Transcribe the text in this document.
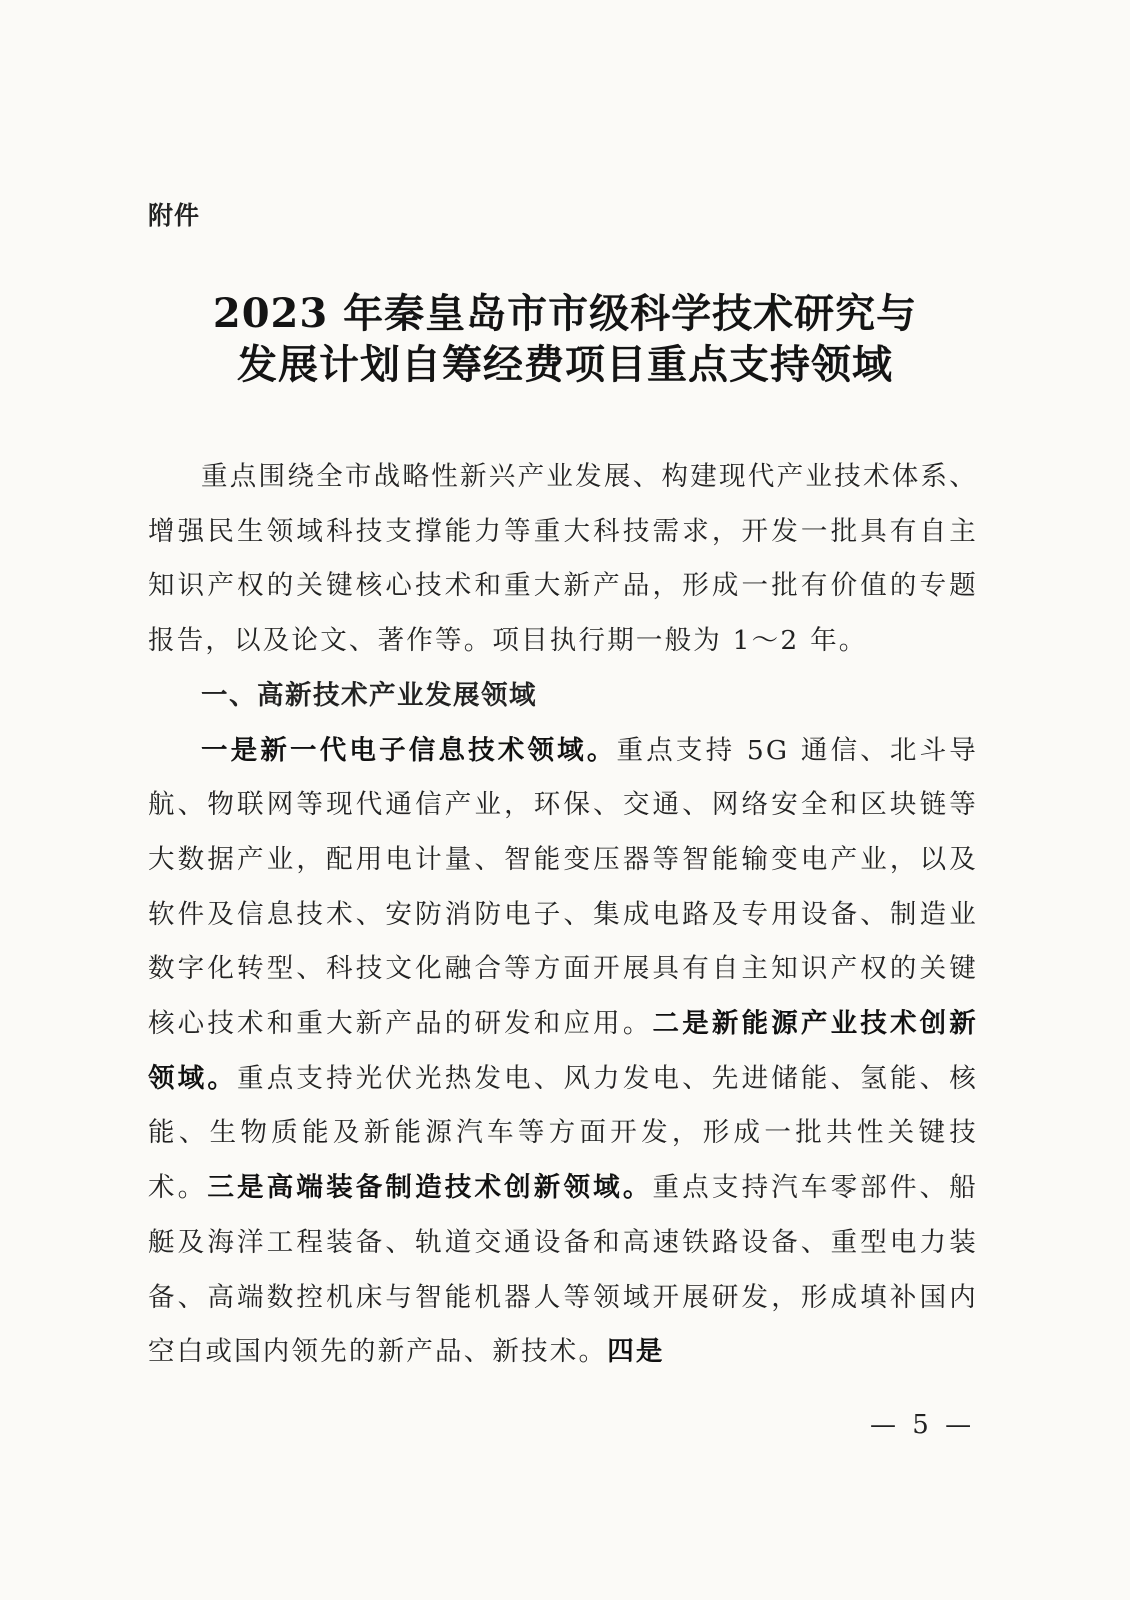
附件
2023 年秦皇岛市市级科学技术研究与
发展计划自筹经费项目重点支持领域

重点围绕全市战略性新兴产业发展、构建现代产业技术体系、增强民生领域科技支撑能力等重大科技需求，开发一批具有自主知识产权的关键核心技术和重大新产品，形成一批有价值的专题报告，以及论文、著作等。项目执行期一般为 1～2 年。

一、高新技术产业发展领域

一是新一代电子信息技术领域。重点支持 5G 通信、北斗导航、物联网等现代通信产业，环保、交通、网络安全和区块链等大数据产业，配用电计量、智能变压器等智能输变电产业，以及软件及信息技术、安防消防电子、集成电路及专用设备、制造业数字化转型、科技文化融合等方面开展具有自主知识产权的关键核心技术和重大新产品的研发和应用。二是新能源产业技术创新领域。重点支持光伏光热发电、风力发电、先进储能、氢能、核能、生物质能及新能源汽车等方面开发，形成一批共性关键技术。三是高端装备制造技术创新领域。重点支持汽车零部件、船艇及海洋工程装备、轨道交通设备和高速铁路设备、重型电力装备、高端数控机床与智能机器人等领域开展研发，形成填补国内空白或国内领先的新产品、新技术。四是

— 5 —
